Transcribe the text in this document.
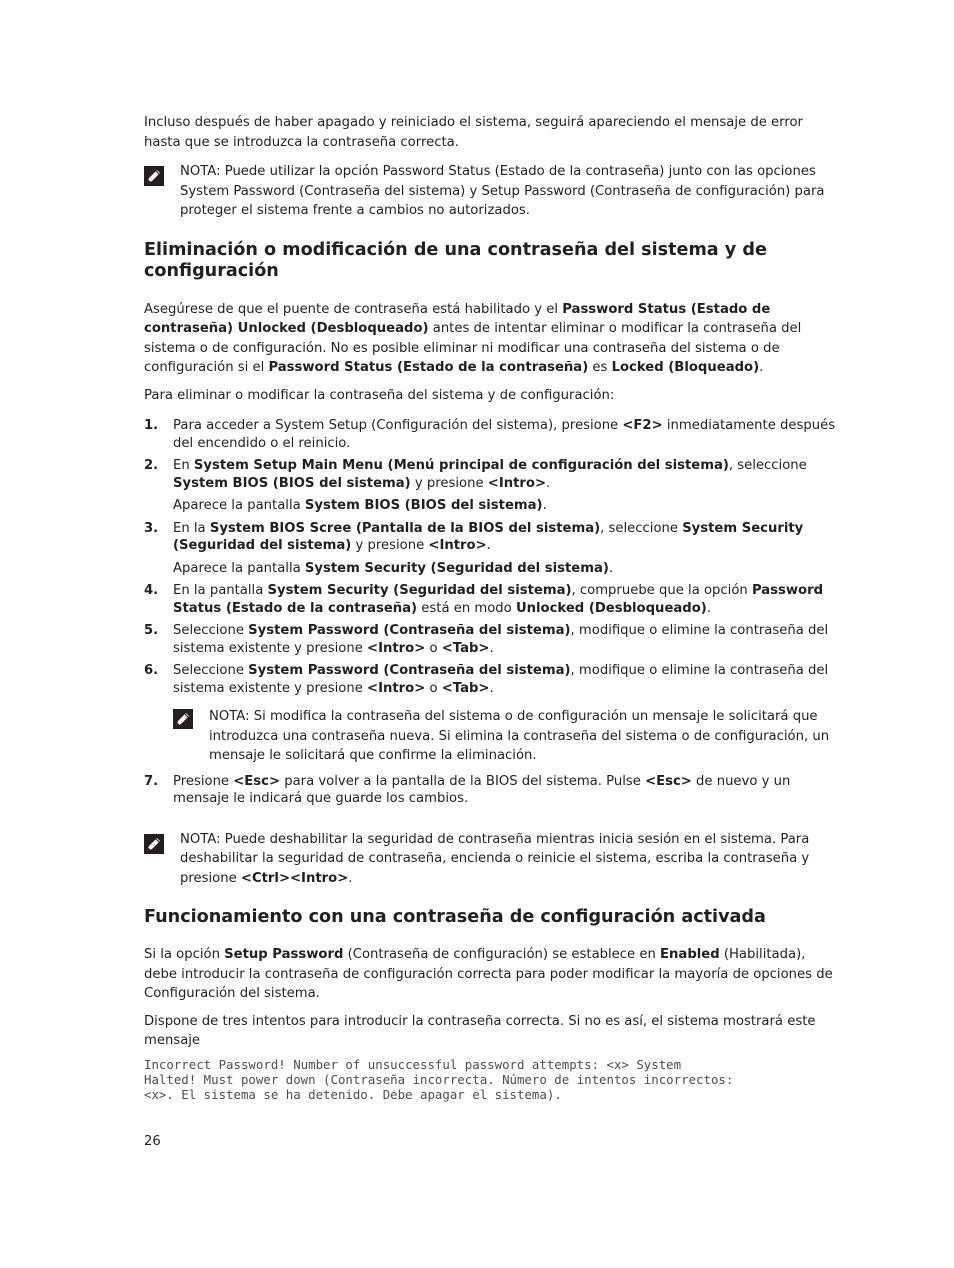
Incluso después de haber apagado y reiniciado el sistema, seguirá apareciendo el mensaje de error hasta que se introduzca la contraseña correcta.

NOTA: Puede utilizar la opción Password Status (Estado de la contraseña) junto con las opciones System Password (Contraseña del sistema) y Setup Password (Contraseña de configuración) para proteger el sistema frente a cambios no autorizados.

Eliminación o modificación de una contraseña del sistema y de configuración

Asegúrese de que el puente de contraseña está habilitado y el Password Status (Estado de contraseña) Unlocked (Desbloqueado) antes de intentar eliminar o modificar la contraseña del sistema o de configuración. No es posible eliminar ni modificar una contraseña del sistema o de configuración si el Password Status (Estado de la contraseña) es Locked (Bloqueado).

Para eliminar o modificar la contraseña del sistema y de configuración:

1. Para acceder a System Setup (Configuración del sistema), presione <F2> inmediatamente después del encendido o el reinicio.

2. En System Setup Main Menu (Menú principal de configuración del sistema), seleccione System BIOS (BIOS del sistema) y presione <Intro>.

Aparece la pantalla System BIOS (BIOS del sistema).

3. En la System BIOS Scree (Pantalla de la BIOS del sistema), seleccione System Security (Seguridad del sistema) y presione <Intro>.

Aparece la pantalla System Security (Seguridad del sistema).

4. En la pantalla System Security (Seguridad del sistema), compruebe que la opción Password Status (Estado de la contraseña) está en modo Unlocked (Desbloqueado).

5. Seleccione System Password (Contraseña del sistema), modifique o elimine la contraseña del sistema existente y presione <Intro> o <Tab>.

6. Seleccione System Password (Contraseña del sistema), modifique o elimine la contraseña del sistema existente y presione <Intro> o <Tab>.

NOTA: Si modifica la contraseña del sistema o de configuración un mensaje le solicitará que introduzca una contraseña nueva. Si elimina la contraseña del sistema o de configuración, un mensaje le solicitará que confirme la eliminación.

7. Presione <Esc> para volver a la pantalla de la BIOS del sistema. Pulse <Esc> de nuevo y un mensaje le indicará que guarde los cambios.

NOTA: Puede deshabilitar la seguridad de contraseña mientras inicia sesión en el sistema. Para deshabilitar la seguridad de contraseña, encienda o reinicie el sistema, escriba la contraseña y presione <Ctrl><Intro>.

Funcionamiento con una contraseña de configuración activada

Si la opción Setup Password (Contraseña de configuración) se establece en Enabled (Habilitada), debe introducir la contraseña de configuración correcta para poder modificar la mayoría de opciones de Configuración del sistema.

Dispone de tres intentos para introducir la contraseña correcta. Si no es así, el sistema mostrará este mensaje

Incorrect Password! Number of unsuccessful password attempts: <x> System
Halted! Must power down (Contraseña incorrecta. Número de intentos incorrectos:
<x>. El sistema se ha detenido. Debe apagar el sistema).
26
